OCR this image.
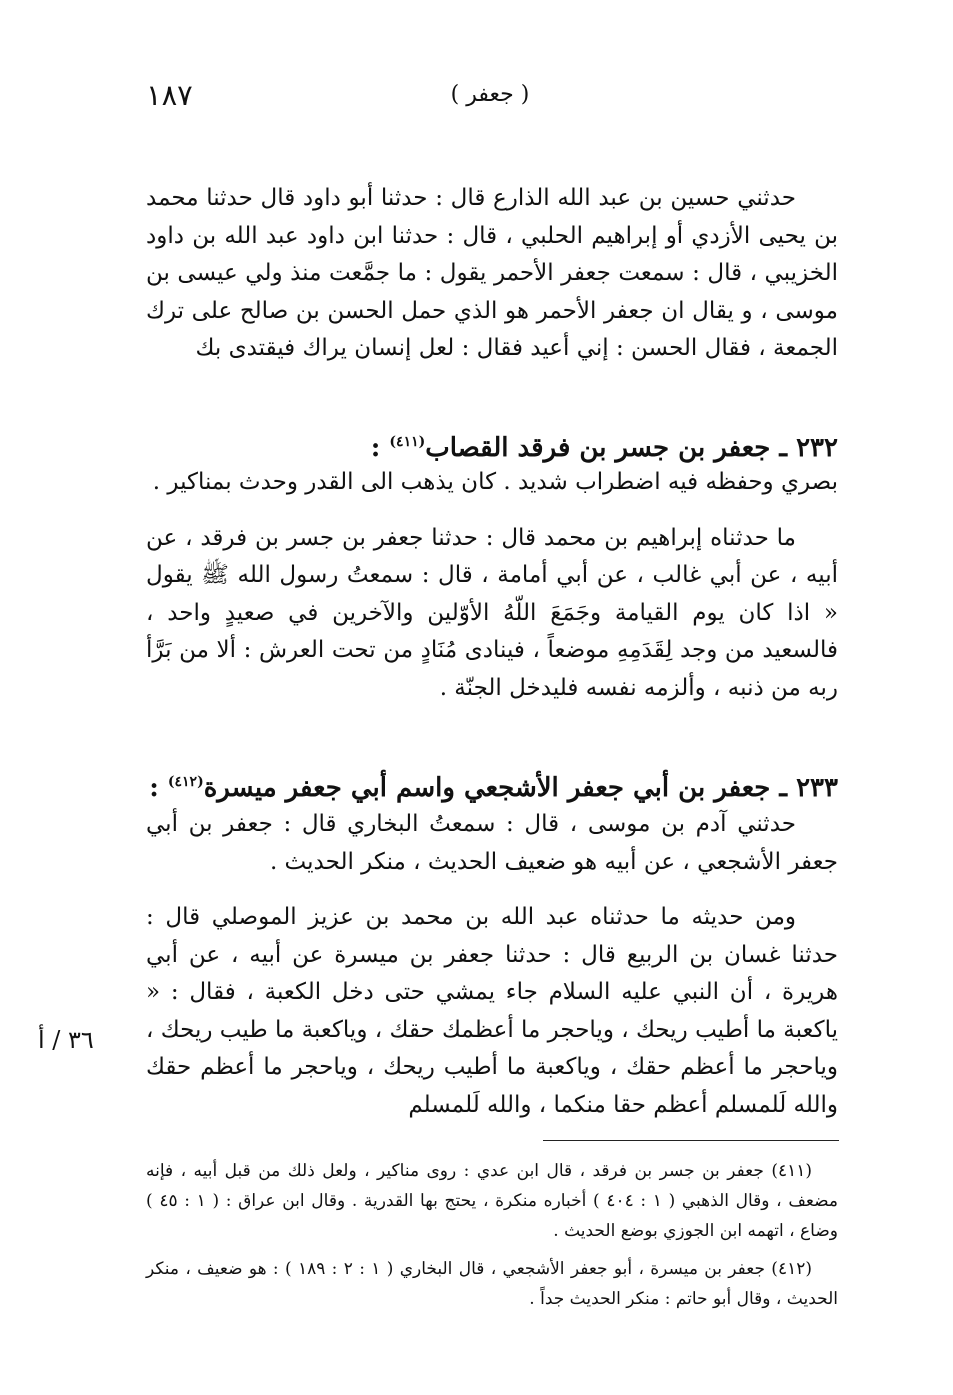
١٨٧	( جعفر )

حدثني حسين بن عبد الله الذارع قال : حدثنا أبو داود قال حدثنا محمد بن يحيى الأزدي أو إبراهيم الحلبي ، قال : حدثنا ابن داود عبد الله بن داود الخزيبي ، قال : سمعت جعفر الأحمر يقول : ما جمَّعت منذ ولي عيسى بن موسى ، و يقال ان جعفر الأحمر هو الذي حمل الحسن بن صالح على ترك الجمعة ، فقال الحسن : إني أعيد فقال : لعل إنسان يراك فيقتدى بك

٢٣٢ ـ جعفر بن جسر بن فرقد القصاب$^{(٤١١)}$ :

بصري وحفظه فيه اضطراب شديد . كان يذهب الى القدر وحدث بمناكير .

ما حدثناه إبراهيم بن محمد قال : حدثنا جعفر بن جسر بن فرقد ، عن أبيه ، عن أبي غالب ، عن أبي أمامة ، قال : سمعتُ رسول الله ﷺ يقول « اذا كان يوم القيامة وجَمَعَ اللّهُ الأوّلين والآخرين في صعيدٍ واحد ، فالسعيد من وجد لِقَدَمِهِ موضعاً ، فينادى مُنَادٍ من تحت العرش : ألا من بَرَّأ ربه من ذنبه ، وألزمه نفسه فليدخل الجنّة .

٢٣٣ ـ جعفر بن أبي جعفر الأشجعي واسم أبي جعفر ميسرة$^{(٤١٢)}$ :

حدثني آدم بن موسى ، قال : سمعتُ البخاري قال : جعفر بن أبي جعفر الأشجعي ، عن أبيه هو ضعيف الحديث ، منكر الحديث .

ومن حديثه ما حدثناه عبد الله بن محمد بن عزيز الموصلي قال : حدثنا غسان بن الربيع قال : حدثنا جعفر بن ميسرة عن أبيه ، عن أبي هريرة ، أن النبي عليه السلام جاء يمشي حتى دخل الكعبة ، فقال : « ياكعبة ما أطيب ريحك ، وياحجر ما أعظمك حقك ، وياكعبة ما طيب ريحك ، وياحجر ما أعظم حقك ، وياكعبة ما أطيب ريحك ، وياحجر ما أعظم حقك والله لَلمسلم أعظم حقا منكما ، والله لَلمسلم

٣٦ / أ

(٤١١) جعفر بن جسر بن فرقد ، قال ابن عدي : روى مناكير ، ولعل ذلك من قبل أبيه ، فإنه مضعف ، وقال الذهبي ( ١ : ٤٠٤ ) أخباره منكرة ، يحتج بها القدرية . وقال ابن عراق : ( ١ : ٤٥ ) وضاع ، اتهمه ابن الجوزي بوضع الحديث .

(٤١٢) جعفر بن ميسرة ، أبو جعفر الأشجعي ، قال البخاري ( ١ : ٢ : ١٨٩ ) : هو ضعيف ، منكر الحديث ، وقال أبو حاتم : منكر الحديث جداً .
